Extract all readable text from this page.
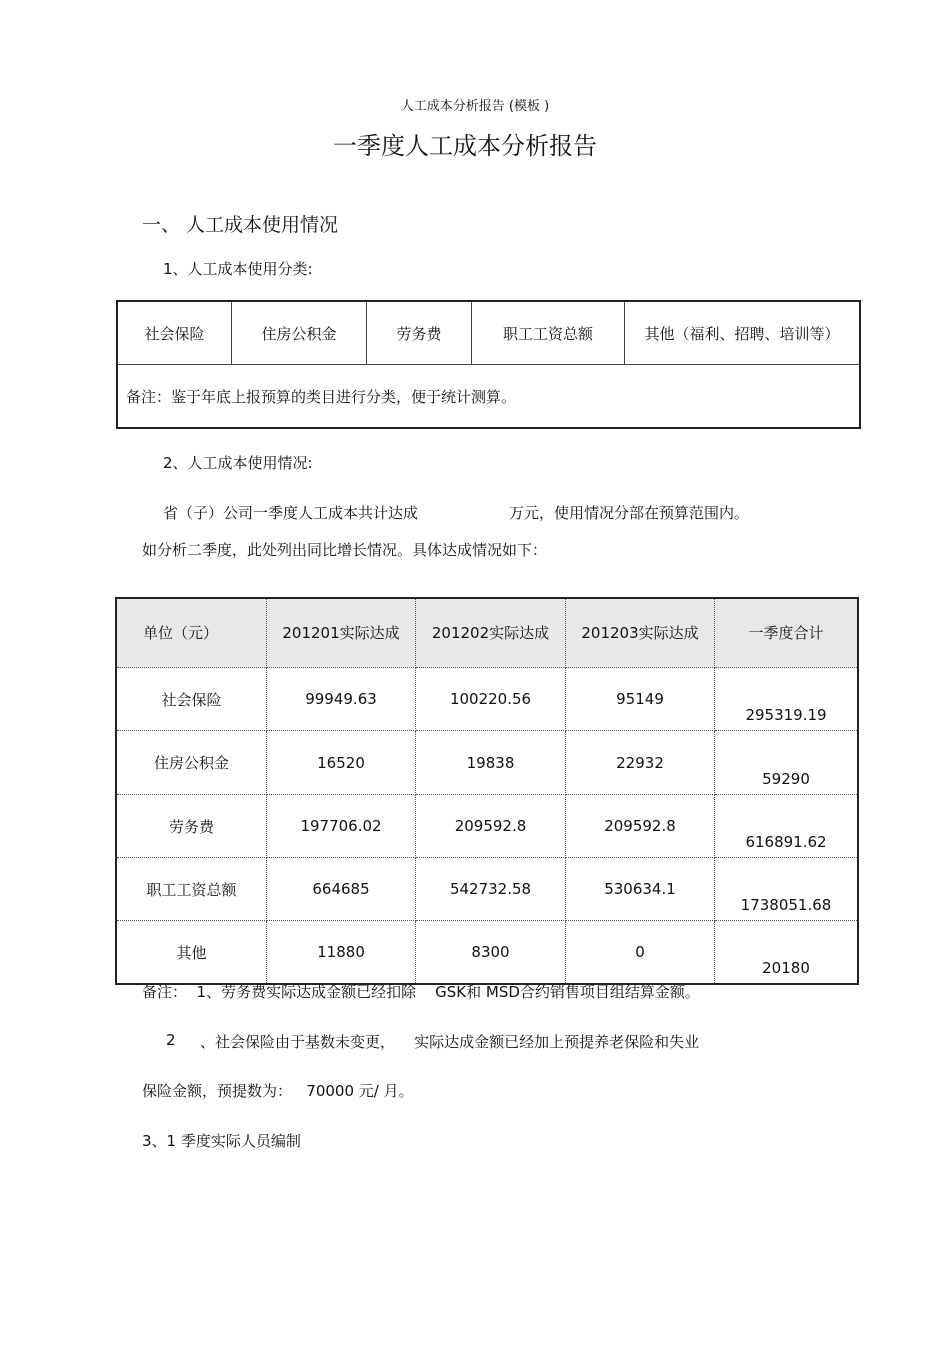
人工成本分析报告 (模板 )
一季度人工成本分析报告
一、 人工成本使用情况
1、人工成本使用分类:
社会保险	住房公积金	劳务费	职工工资总额	其他（福利、招聘、培训等）
备注：鉴于年底上报预算的类目进行分类，便于统计测算。
2、人工成本使用情况:
省（子）公司一季度人工成本共计达成	万元，使用情况分部在预算范围内。
如分析二季度，此处列出同比增长情况。具体达成情况如下：
单位（元）	201201实际达成	201202实际达成	201203实际达成	一季度合计
社会保险	99949.63	100220.56	95149	295319.19
住房公积金	16520	19838	22932	59290
劳务费	197706.02	209592.8	209592.8	616891.62
职工工资总额	664685	542732.58	530634.1	1738051.68
其他	11880	8300	0	20180
备注：  1、劳务费实际达成金额已经扣除    GSK和 MSD合约销售项目组结算金额。
2 、社会保险由于基数未变更，    实际达成金额已经加上预提养老保险和失业
保险金额，预提数为：   70000 元/ 月。
3、1 季度实际人员编制
